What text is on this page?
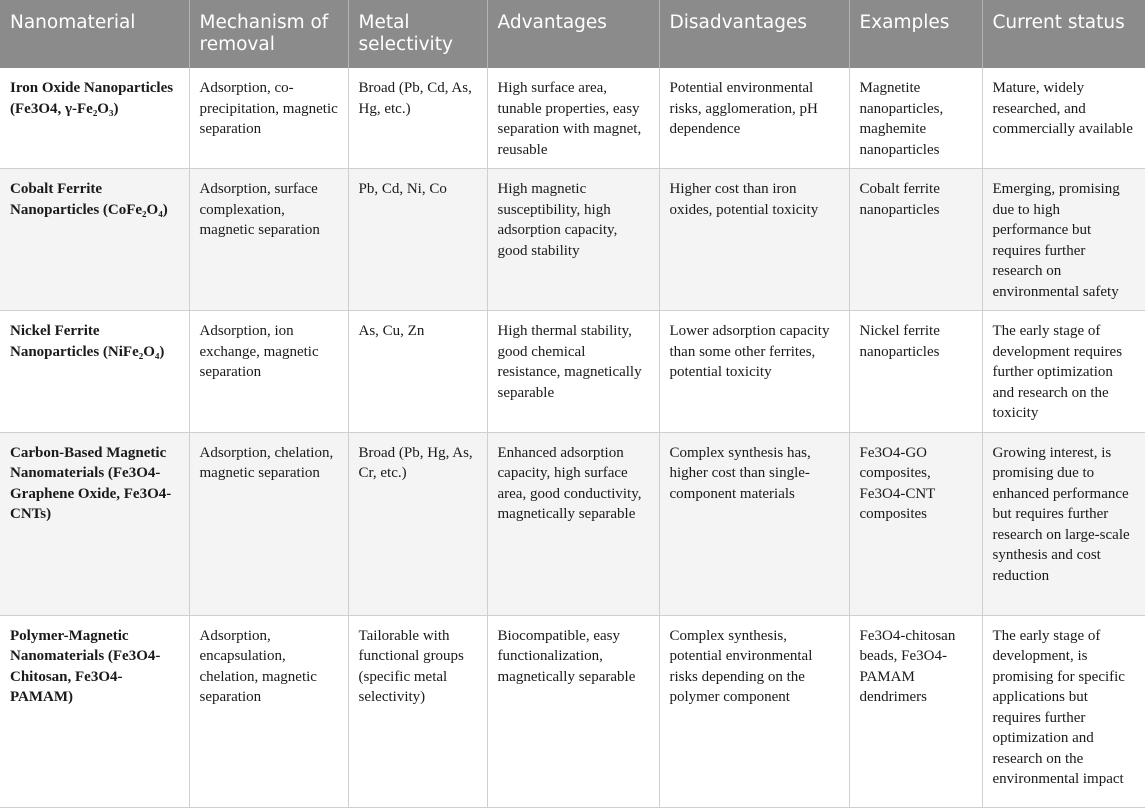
Nanomaterial	Mechanism of removal	Metal selectivity	Advantages	Disadvantages	Examples	Current status
Iron Oxide Nanoparticles (Fe3O4, γ-Fe₂O₃)	Adsorption, co-precipitation, magnetic separation	Broad (Pb, Cd, As, Hg, etc.)	High surface area, tunable properties, easy separation with magnet, reusable	Potential environmental risks, agglomeration, pH dependence	Magnetite nanoparticles, maghemite nanoparticles	Mature, widely researched, and commercially available
Cobalt Ferrite Nanoparticles (CoFe₂O₄)	Adsorption, surface complexation, magnetic separation	Pb, Cd, Ni, Co	High magnetic susceptibility, high adsorption capacity, good stability	Higher cost than iron oxides, potential toxicity	Cobalt ferrite nanoparticles	Emerging, promising due to high performance but requires further research on environmental safety
Nickel Ferrite Nanoparticles (NiFe₂O₄)	Adsorption, ion exchange, magnetic separation	As, Cu, Zn	High thermal stability, good chemical resistance, magnetically separable	Lower adsorption capacity than some other ferrites, potential toxicity	Nickel ferrite nanoparticles	The early stage of development requires further optimization and research on the toxicity
Carbon-Based Magnetic Nanomaterials (Fe3O4-Graphene Oxide, Fe3O4-CNTs)	Adsorption, chelation, magnetic separation	Broad (Pb, Hg, As, Cr, etc.)	Enhanced adsorption capacity, high surface area, good conductivity, magnetically separable	Complex synthesis has, higher cost than single-component materials	Fe3O4-GO composites, Fe3O4-CNT composites	Growing interest, is promising due to enhanced performance but requires further research on large-scale synthesis and cost reduction
Polymer-Magnetic Nanomaterials (Fe3O4-Chitosan, Fe3O4-PAMAM)	Adsorption, encapsulation, chelation, magnetic separation	Tailorable with functional groups (specific metal selectivity)	Biocompatible, easy functionalization, magnetically separable	Complex synthesis, potential environmental risks depending on the polymer component	Fe3O4-chitosan beads, Fe3O4-PAMAM dendrimers	The early stage of development, is promising for specific applications but requires further optimization and research on the environmental impact
